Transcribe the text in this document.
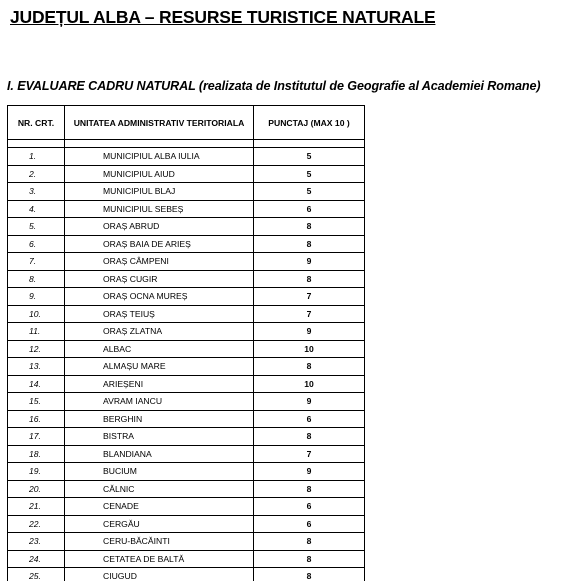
JUDEȚUL ALBA – RESURSE TURISTICE NATURALE
I. EVALUARE CADRU NATURAL (realizata de Institutul de Geografie al Academiei Romane)
NR. CRT.	UNITATEA ADMINISTRATIV TERITORIALA	PUNCTAJ (MAX 10 )

1.	MUNICIPIUL ALBA IULIA	5
2.	MUNICIPIUL AIUD	5
3.	MUNICIPIUL BLAJ	5
4.	MUNICIPIUL SEBEȘ	6
5.	ORAȘ ABRUD	8
6.	ORAȘ BAIA DE ARIEȘ	8
7.	ORAȘ CÂMPENI	9
8.	ORAȘ CUGIR	8
9.	ORAȘ OCNA MUREȘ	7
10.	ORAȘ TEIUȘ	7
11.	ORAȘ ZLATNA	9
12.	ALBAC	10
13.	ALMAȘU MARE	8
14.	ARIEȘENI	10
15.	AVRAM IANCU	9
16.	BERGHIN	6
17.	BISTRA	8
18.	BLANDIANA	7
19.	BUCIUM	9
20.	CĂLNIC	8
21.	CENADE	6
22.	CERGĂU	6
23.	CERU-BĂCĂINTI	8
24.	CETATEA DE BALTĂ	8
25.	CIUGUD	8
